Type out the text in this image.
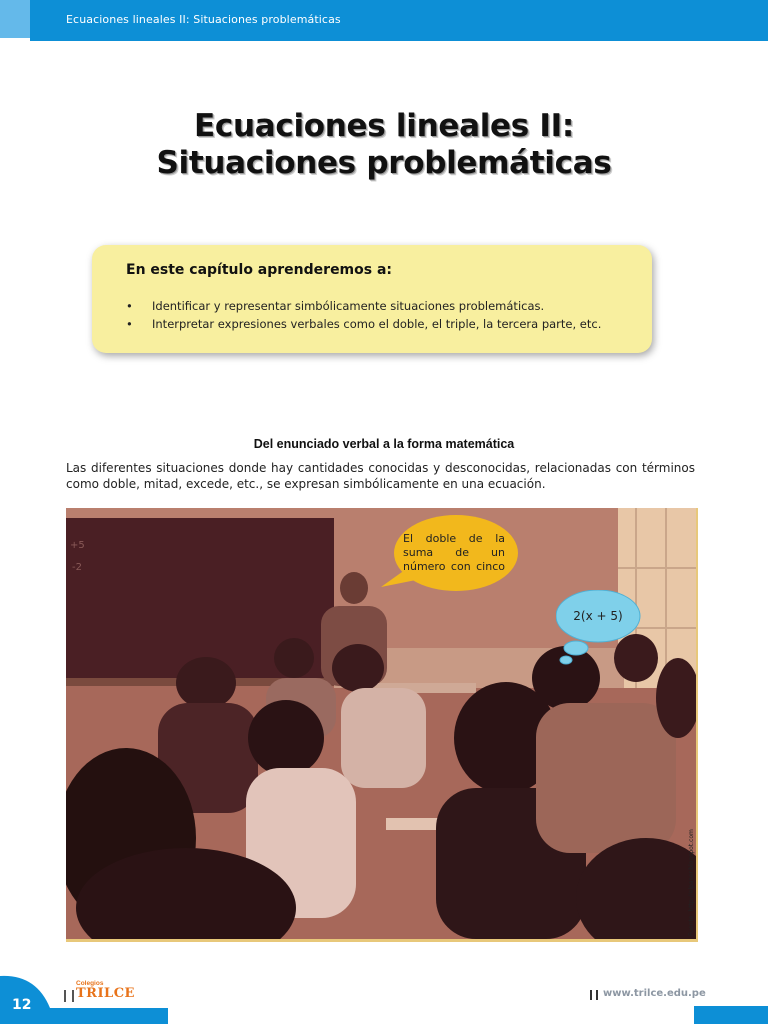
Ecuaciones lineales II: Situaciones problemáticas
Ecuaciones lineales II:
Situaciones problemáticas
En este capítulo aprenderemos a:
• Identificar y representar simbólicamente situaciones problemáticas.
• Interpretar expresiones verbales como el doble, el triple, la tercera parte, etc.
Del enunciado verbal a la forma matemática
Las diferentes situaciones donde hay cantidades conocidas y desconocidas, relacionadas con términos como doble, mitad, excede, etc., se expresan simbólicamente en una ecuación.
+5
-2
El doble de la suma de un número con cinco
2(x + 5)
Fuente: http://elpaser.blogspot.com
12
Colegios
TRILCE	www.trilce.edu.pe
